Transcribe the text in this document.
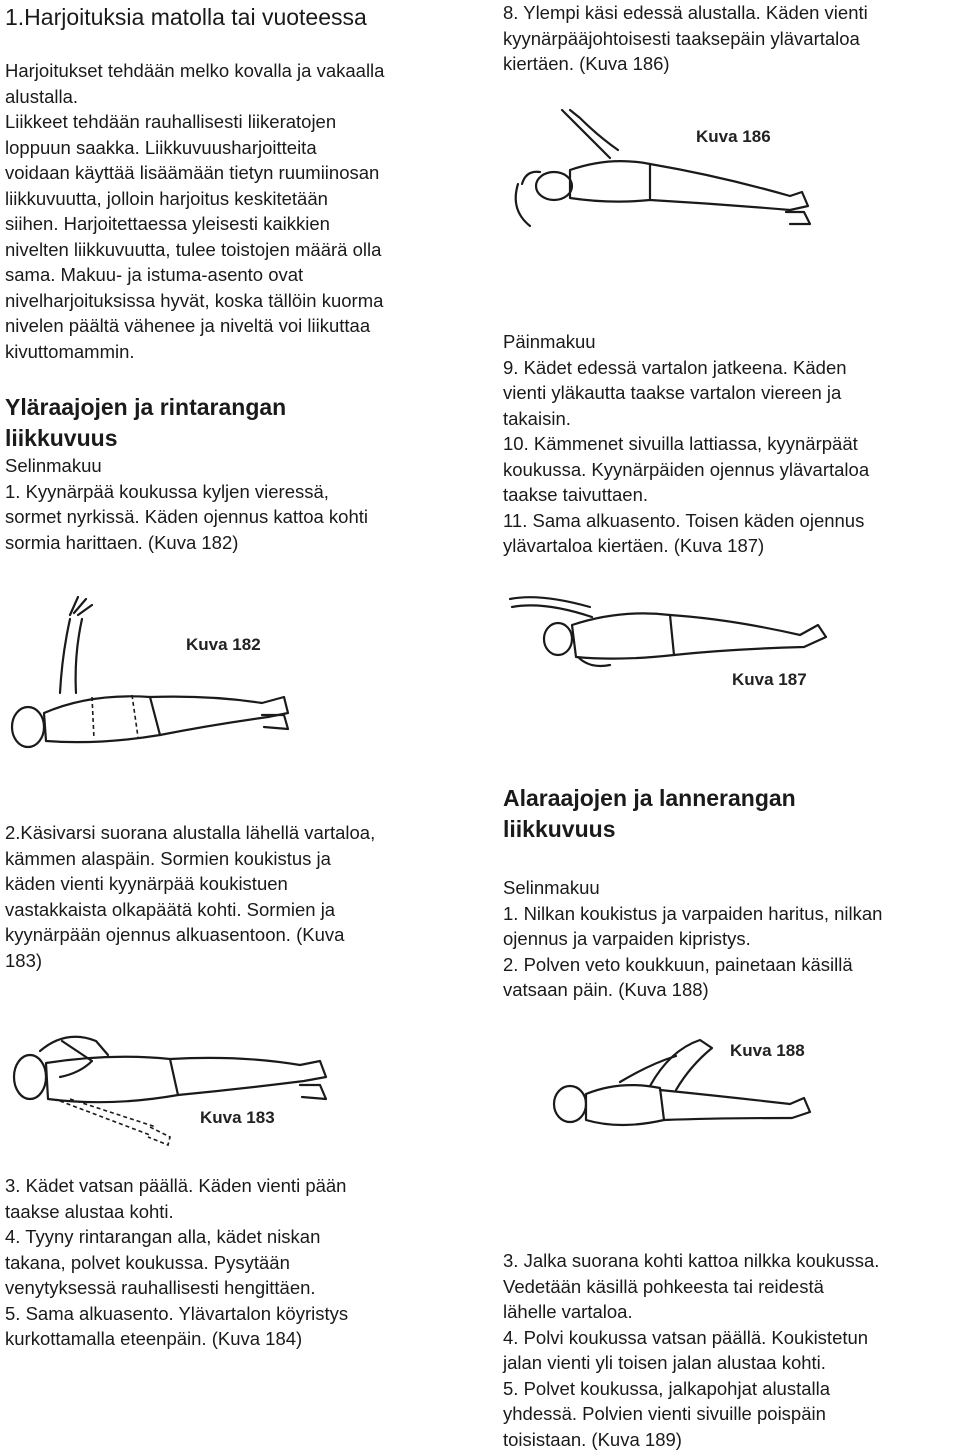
1.Harjoituksia matolla tai vuoteessa
Harjoitukset tehdään melko kovalla ja vakaalla
alustalla.
Liikkeet tehdään rauhallisesti liikeratojen
loppuun saakka. Liikkuvuusharjoitteita
voidaan käyttää lisäämään tietyn ruumiinosan
liikkuvuutta, jolloin harjoitus keskitetään
siihen. Harjoitettaessa yleisesti kaikkien
nivelten liikkuvuutta, tulee toistojen määrä olla
sama. Makuu- ja istuma-asento ovat
nivelharjoituksissa hyvät, koska tällöin kuorma
nivelen päältä vähenee ja niveltä voi liikuttaa
kivuttomammin.
Yläraajojen ja rintarangan
liikkuvuus
Selinmakuu
1. Kyynärpää koukussa kyljen vieressä,
sormet nyrkissä. Käden ojennus kattoa kohti
sormia harittaen. (Kuva 182)
Kuva 182
2.Käsivarsi suorana alustalla lähellä vartaloa,
kämmen alaspäin. Sormien koukistus ja
käden vienti kyynärpää koukistuen
vastakkaista olkapäätä kohti. Sormien ja
kyynärpään ojennus alkuasentoon. (Kuva
183)
Kuva 183
3. Kädet vatsan päällä. Käden vienti pään
taakse alustaa kohti.
4. Tyyny rintarangan alla, kädet niskan
takana, polvet koukussa. Pysytään
venytyksessä rauhallisesti hengittäen.
5. Sama alkuasento. Ylävartalon köyristys
kurkottamalla eteenpäin. (Kuva 184)
8. Ylempi käsi edessä alustalla. Käden vienti
kyynärpääjohtoisesti taaksepäin ylävartaloa
kiertäen. (Kuva 186)
Kuva 186
Päinmakuu
9. Kädet edessä vartalon jatkeena. Käden
vienti yläkautta taakse vartalon viereen ja
takaisin.
10. Kämmenet sivuilla lattiassa, kyynärpäät
koukussa. Kyynärpäiden ojennus ylävartaloa
taakse taivuttaen.
11. Sama alkuasento. Toisen käden ojennus
ylävartaloa kiertäen. (Kuva 187)
Kuva 187
Alaraajojen ja lannerangan
liikkuvuus
Selinmakuu
1. Nilkan koukistus ja varpaiden haritus, nilkan
ojennus ja varpaiden kipristys.
2. Polven veto koukkuun, painetaan käsillä
vatsaan päin. (Kuva 188)
Kuva 188
3. Jalka suorana kohti kattoa nilkka koukussa.
Vedetään käsillä pohkeesta tai reidestä
lähelle vartaloa.
4. Polvi koukussa vatsan päällä. Koukistetun
jalan vienti yli toisen jalan alustaa kohti.
5. Polvet koukussa, jalkapohjat alustalla
yhdessä. Polvien vienti sivuille poispäin
toisistaan. (Kuva 189)
